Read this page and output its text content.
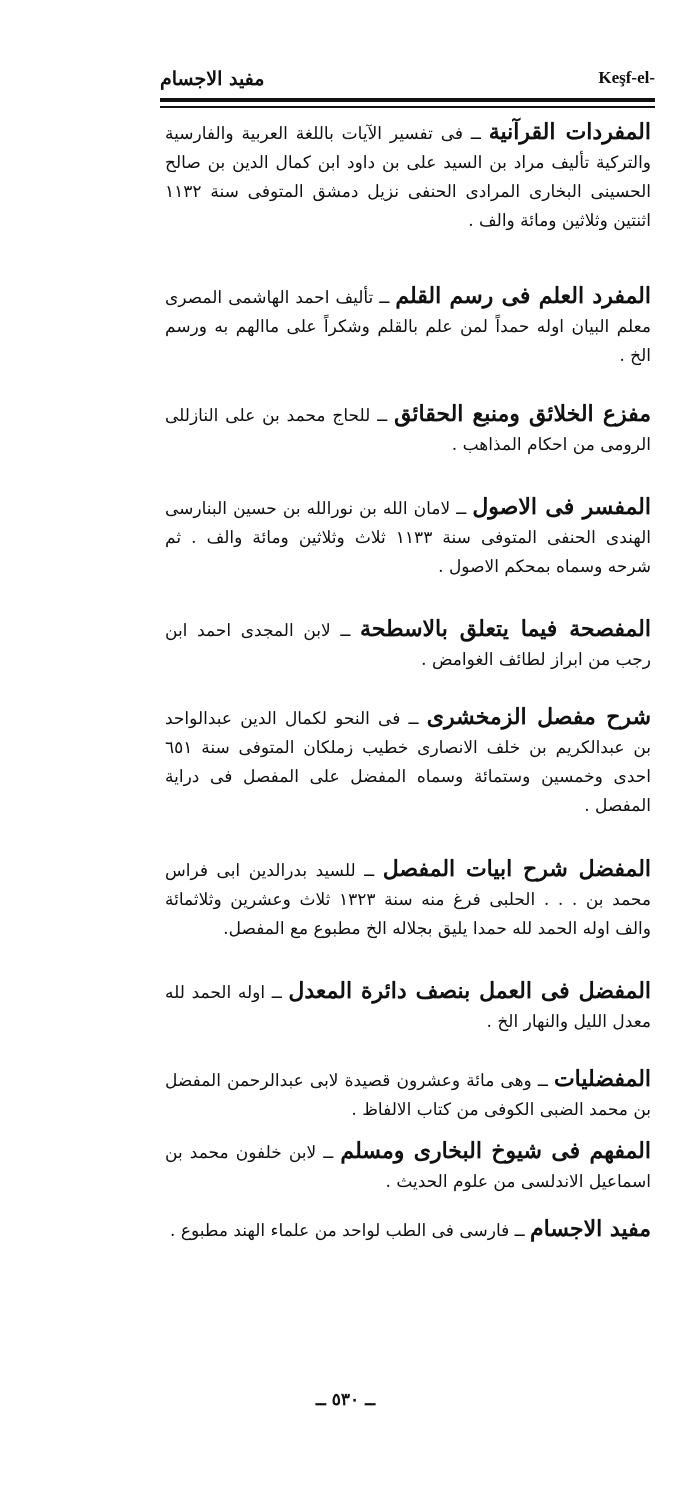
مفيد الاجسام	Keşf-el-

المفردات القرآنية ــ فى تفسير الآيات باللغة العربية والفارسية والتركية تأليف مراد بن السيد على بن داود ابن كمال الدين بن صالح الحسينى البخارى المرادى الحنفى نزيل دمشق المتوفى سنة ١١٣٢ اثنتين وثلاثين ومائة والف .

المفرد العلم فى رسم القلم ــ تأليف احمد الهاشمى المصرى معلم البيان اوله حمداً لمن علم بالقلم وشكراً على ماالهم به ورسم الخ .

مفزع الخلائق ومنبع الحقائق ــ للحاج محمد بن على النازللى الرومى من احكام المذاهب .

المفسر فى الاصول ــ لامان الله بن نورالله بن حسين البنارسى الهندى الحنفى المتوفى سنة ١١٣٣ ثلاث وثلاثين ومائة والف . ثم شرحه وسماه بمحكم الاصول .

المفصحة فيما يتعلق بالاسطحة ــ لابن المجدى احمد ابن رجب من ابراز لطائف الغوامض .

شرح مفصل الزمخشرى ــ فى النحو لكمال الدين عبدالواحد بن عبدالكريم بن خلف الانصارى خطيب زملكان المتوفى سنة ٦٥١ احدى وخمسين وستمائة وسماه المفضل على المفصل فى دراية المفصل .

المفضل شرح ابيات المفصل ــ للسيد بدرالدين ابى فراس محمد بن . . . الحلبى فرغ منه سنة ١٣٢٣ ثلاث وعشرين وثلاثمائة والف اوله الحمد لله حمدا يليق بجلاله الخ مطبوع مع المفصل.

المفضل فى العمل بنصف دائرة المعدل ــ اوله الحمد لله معدل الليل والنهار الخ .

المفضليات ــ وهى مائة وعشرون قصيدة لابى عبدالرحمن المفضل بن محمد الضبى الكوفى من كتاب الالفاظ .

المفهم فى شيوخ البخارى ومسلم ــ لابن خلفون محمد بن اسماعيل الاندلسى من علوم الحديث .

مفيد الاجسام ــ فارسى فى الطب لواحد من علماء الهند مطبوع .

ــ ٥٣٠ ــ
